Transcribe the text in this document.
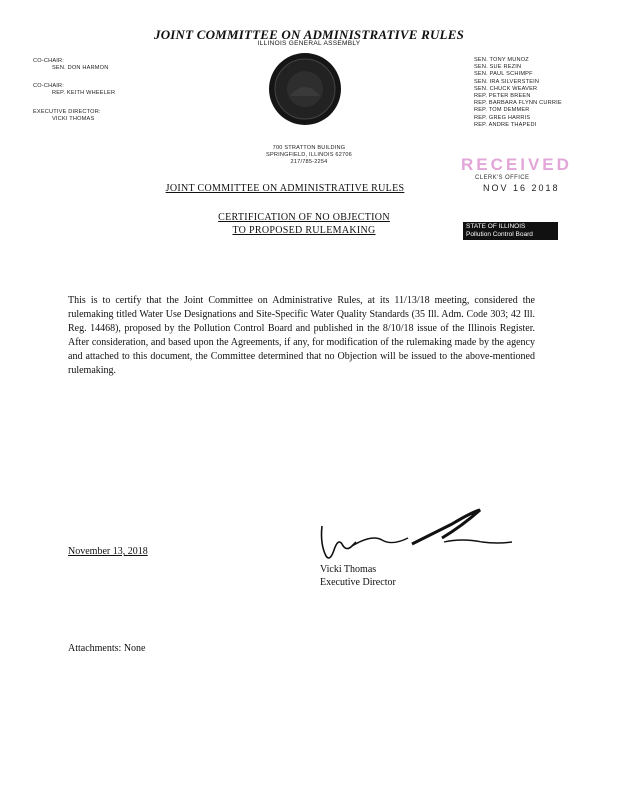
JOINT COMMITTEE ON ADMINISTRATIVE RULES
ILLINOIS GENERAL ASSEMBLY
CO-CHAIR:
SEN. DON HARMON
CO-CHAIR:
REP. KEITH WHEELER
EXECUTIVE DIRECTOR:
VICKI THOMAS
SEN. TONY MUNOZ
SEN. SUE REZIN
SEN. PAUL SCHIMPF
SEN. IRA SILVERSTEIN
SEN. CHUCK WEAVER
REP. PETER BREEN
REP. BARBARA FLYNN CURRIE
REP. TOM DEMMER
REP. GREG HARRIS
REP. ANDRE THAPEDI
700 STRATTON BUILDING
SPRINGFIELD, ILLINOIS 62706
217/785-2254	RECEIVED
CLERK'S OFFICE
NOV 16 2018
STATE OF ILLINOIS
Pollution Control Board
JOINT COMMITTEE ON ADMINISTRATIVE RULES
CERTIFICATION OF NO OBJECTION
TO PROPOSED RULEMAKING
This is to certify that the Joint Committee on Administrative Rules, at its 11/13/18 meeting, considered the rulemaking titled Water Use Designations and Site-Specific Water Quality Standards (35 Ill. Adm. Code 303; 42 Ill. Reg. 14468), proposed by the Pollution Control Board and published in the 8/10/18 issue of the Illinois Register. After consideration, and based upon the Agreements, if any, for modification of the rulemaking made by the agency and attached to this document, the Committee determined that no Objection will be issued to the above-mentioned rulemaking.
November 13, 2018
Vicki Thomas
Executive Director
Attachments: None
